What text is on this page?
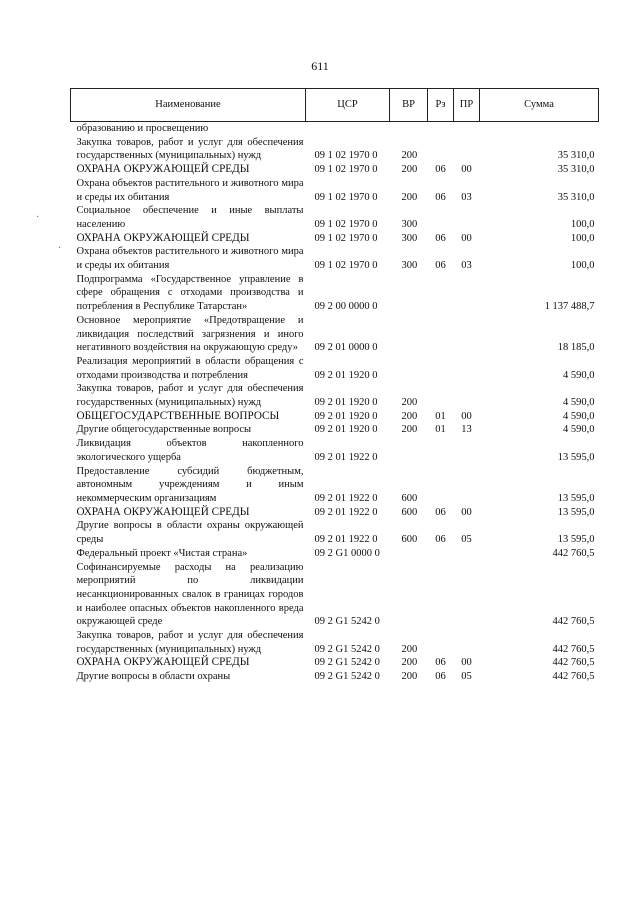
611
·
·
Наименование	ЦСР	ВР	Рз	ПР	Сумма
образованию и просвещению					
Закупка товаров, работ и услуг для обеспечения государственных (муниципальных) нужд	09 1 02 1970 0	200			35 310,0
ОХРАНА ОКРУЖАЮЩЕЙ СРЕДЫ	09 1 02 1970 0	200	06	00	35 310,0
Охрана объектов растительного и животного мира и среды их обитания	09 1 02 1970 0	200	06	03	35 310,0
Социальное обеспечение и иные выплаты населению	09 1 02 1970 0	300			100,0
ОХРАНА ОКРУЖАЮЩЕЙ СРЕДЫ	09 1 02 1970 0	300	06	00	100,0
Охрана объектов растительного и животного мира и среды их обитания	09 1 02 1970 0	300	06	03	100,0
Подпрограмма «Государственное управление в сфере обращения с отходами производства и потребления в Республике Татарстан»	09 2 00 0000 0				1 137 488,7
Основное мероприятие «Предотвращение и ликвидация последствий загрязнения и иного негативного воздействия на окружающую среду»	09 2 01 0000 0				18 185,0
Реализация мероприятий в области обращения с отходами производства и потребления	09 2 01 1920 0				4 590,0
Закупка товаров, работ и услуг для обеспечения государственных (муниципальных) нужд	09 2 01 1920 0	200			4 590,0
ОБЩЕГОСУДАРСТВЕННЫЕ ВОПРОСЫ	09 2 01 1920 0	200	01	00	4 590,0
Другие общегосударственные вопросы	09 2 01 1920 0	200	01	13	4 590,0
Ликвидация объектов накопленного экологического ущерба	09 2 01 1922 0				13 595,0
Предоставление субсидий бюджетным, автономным учреждениям и иным некоммерческим организациям	09 2 01 1922 0	600			13 595,0
ОХРАНА ОКРУЖАЮЩЕЙ СРЕДЫ	09 2 01 1922 0	600	06	00	13 595,0
Другие вопросы в области охраны окружающей среды	09 2 01 1922 0	600	06	05	13 595,0
Федеральный проект «Чистая страна»	09 2 G1 0000 0				442 760,5
Софинансируемые расходы на реализацию мероприятий по ликвидации несанкционированных свалок в границах городов и наиболее опасных объектов накопленного вреда окружающей среде	09 2 G1 5242 0				442 760,5
Закупка товаров, работ и услуг для обеспечения государственных (муниципальных) нужд	09 2 G1 5242 0	200			442 760,5
ОХРАНА ОКРУЖАЮЩЕЙ СРЕДЫ	09 2 G1 5242 0	200	06	00	442 760,5
Другие вопросы в области охраны	09 2 G1 5242 0	200	06	05	442 760,5
